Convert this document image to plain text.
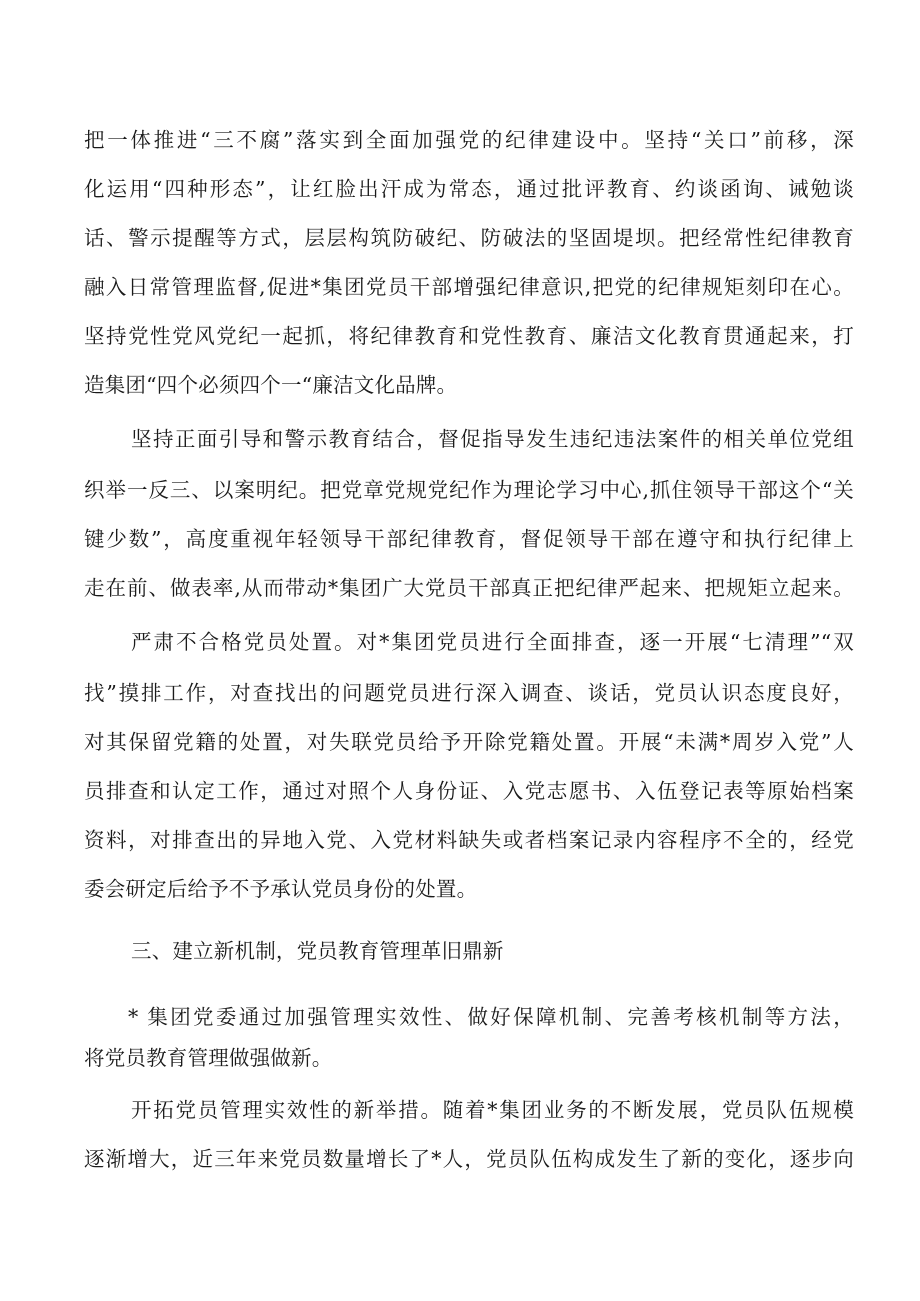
把一体推进“三不腐”落实到全面加强党的纪律建设中。坚持“关口”前移，深
化运用“四种形态”，让红脸出汗成为常态，通过批评教育、约谈函询、诫勉谈
话、警示提醒等方式，层层构筑防破纪、防破法的坚固堤坝。把经常性纪律教育
融入日常管理监督,促进*集团党员干部增强纪律意识,把党的纪律规矩刻印在心。
坚持党性党风党纪一起抓，将纪律教育和党性教育、廉洁文化教育贯通起来，打
造集团“四个必须四个一“廉洁文化品牌。
坚持正面引导和警示教育结合，督促指导发生违纪违法案件的相关单位党组
织举一反三、以案明纪。把党章党规党纪作为理论学习中心,抓住领导干部这个“关
键少数”，高度重视年轻领导干部纪律教育，督促领导干部在遵守和执行纪律上
走在前、做表率,从而带动*集团广大党员干部真正把纪律严起来、把规矩立起来。
严肃不合格党员处置。对*集团党员进行全面排查，逐一开展“七清理”“双
找”摸排工作，对查找出的问题党员进行深入调查、谈话，党员认识态度良好，
对其保留党籍的处置，对失联党员给予开除党籍处置。开展“未满*周岁入党”人
员排查和认定工作，通过对照个人身份证、入党志愿书、入伍登记表等原始档案
资料，对排查出的异地入党、入党材料缺失或者档案记录内容程序不全的，经党
委会研定后给予不予承认党员身份的处置。
三、建立新机制，党员教育管理革旧鼎新
* 集团党委通过加强管理实效性、做好保障机制、完善考核机制等方法，
将党员教育管理做强做新。
开拓党员管理实效性的新举措。随着*集团业务的不断发展，党员队伍规模
逐渐增大，近三年来党员数量增长了*人，党员队伍构成发生了新的变化，逐步向
